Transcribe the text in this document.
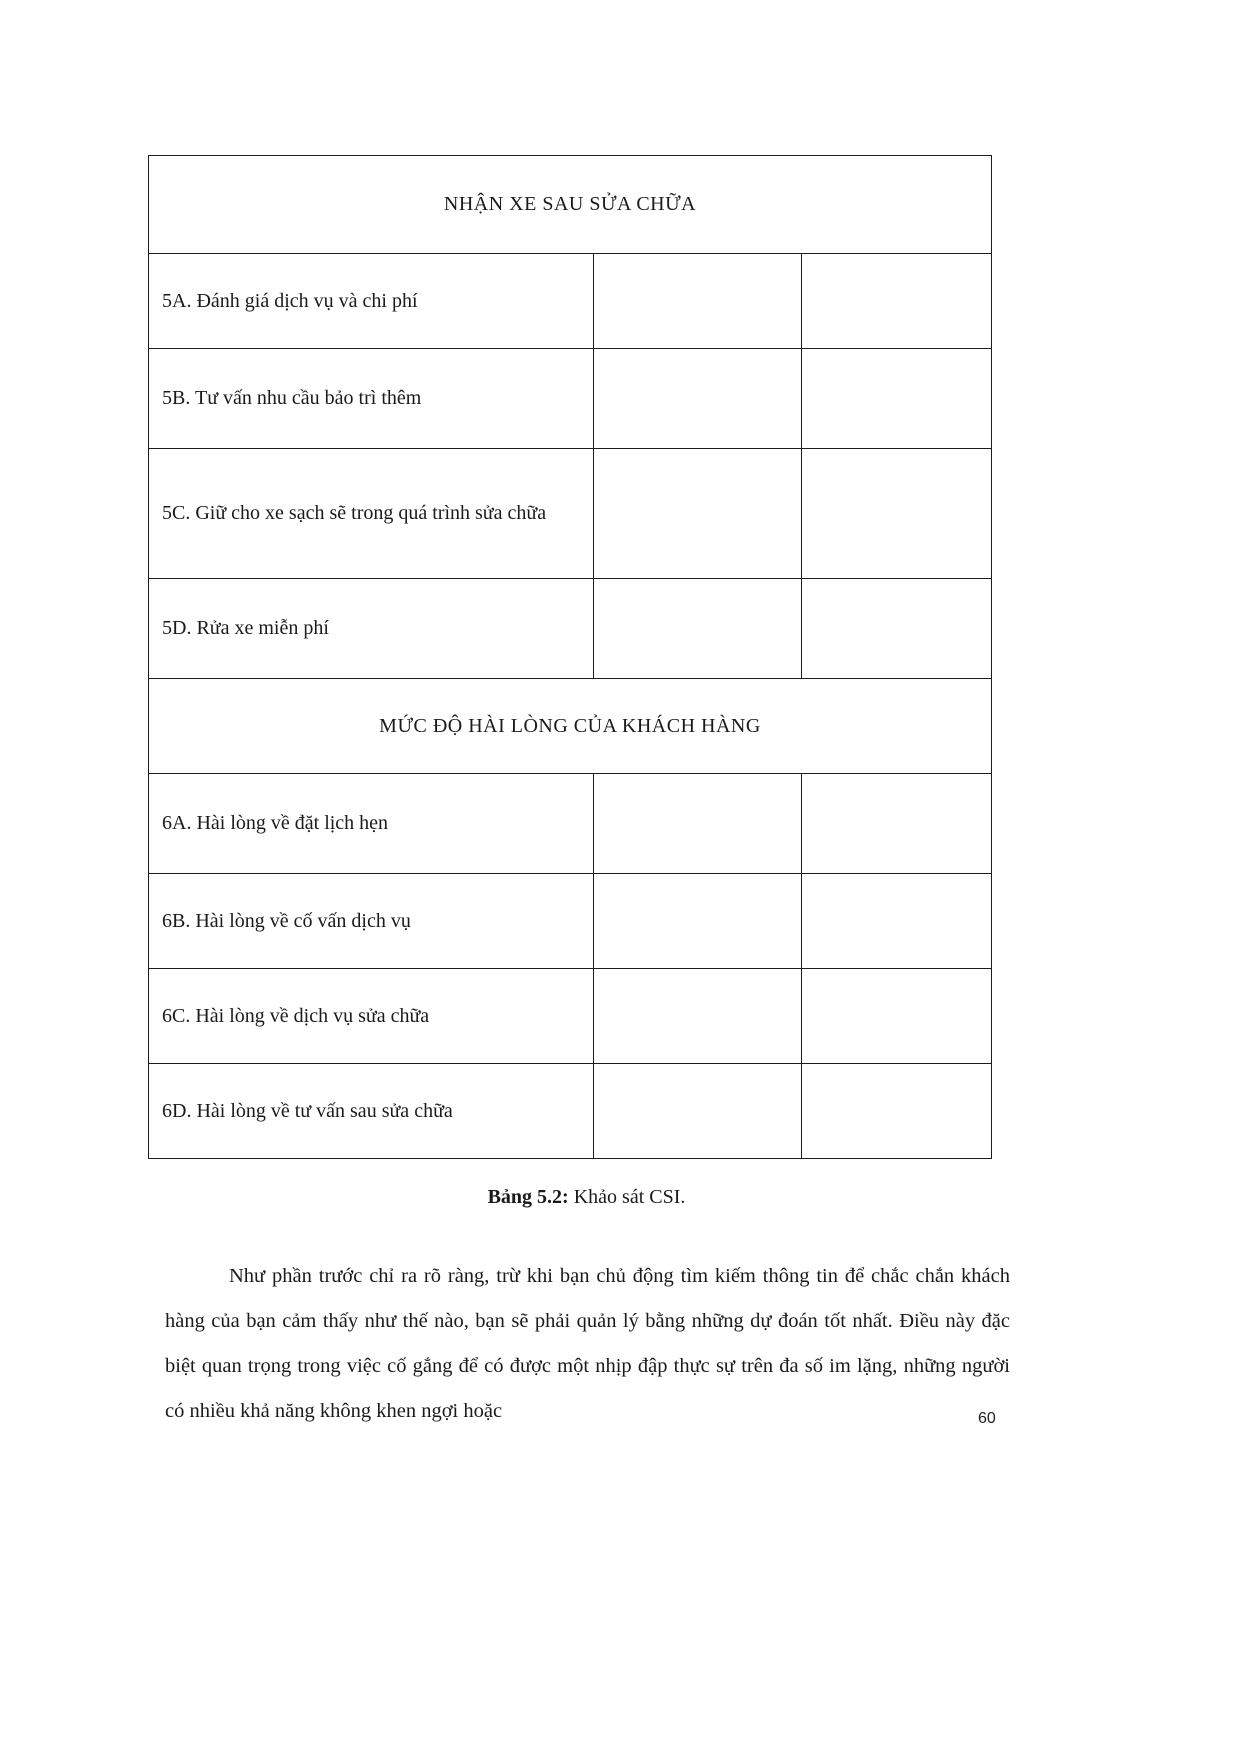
NHẬN XE SAU SỬA CHỮA		
5A. Đánh giá dịch vụ và chi phí		
5B. Tư vấn nhu cầu bảo trì thêm		
5C. Giữ cho xe sạch sẽ trong quá trình sửa chữa		
5D. Rửa xe miễn phí		
MỨC ĐỘ HÀI LÒNG CỦA KHÁCH HÀNG		
6A. Hài lòng về đặt lịch hẹn		
6B. Hài lòng về cố vấn dịch vụ		
6C. Hài lòng về dịch vụ sửa chữa		
6D. Hài lòng về tư vấn sau sửa chữa		
Bảng 5.2: Khảo sát CSI.

Như phần trước chỉ ra rõ ràng, trừ khi bạn chủ động tìm kiếm thông tin để chắc chắn khách hàng của bạn cảm thấy như thế nào, bạn sẽ phải quản lý bằng những dự đoán tốt nhất. Điều này đặc biệt quan trọng trong việc cố gắng để có được một nhịp đập thực sự trên đa số im lặng, những người có nhiều khả năng không khen ngợi hoặc	60
